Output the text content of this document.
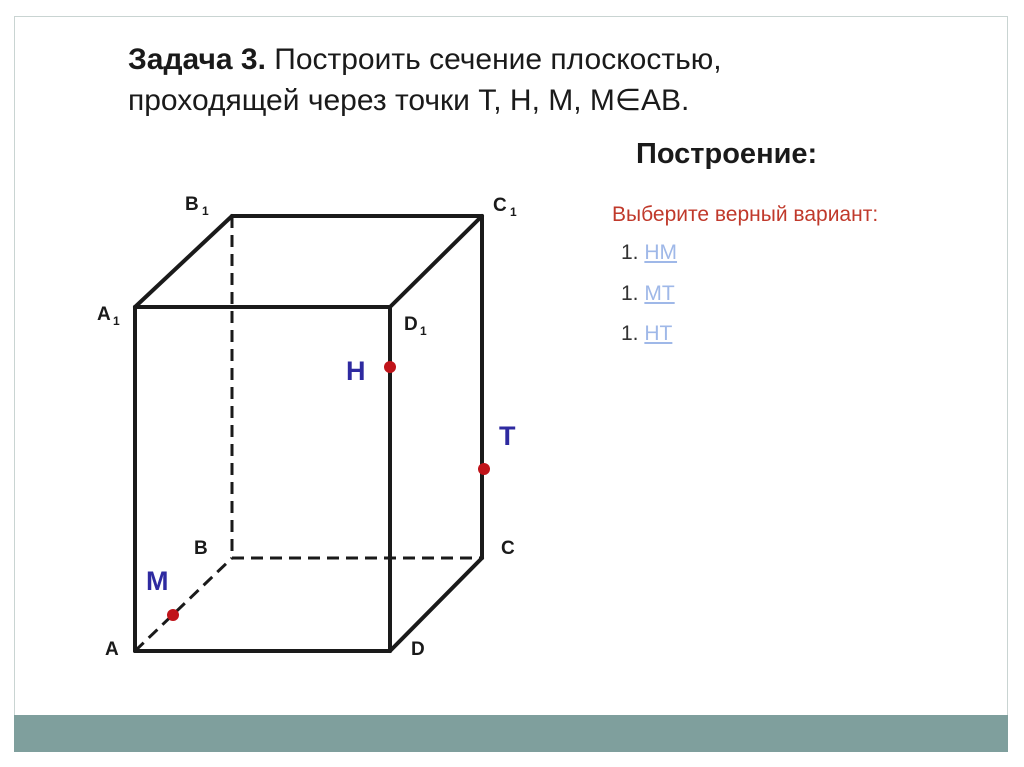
Задача 3. Построить сечение плоскостью,
проходящей через точки Т, Н, М, М∈АВ.
Построение:
Выберите верный вариант:
1. НМ
1. МТ
1. НТ
B 1	C 1
A 1	D 1
B	C
A	D
H
T
M
